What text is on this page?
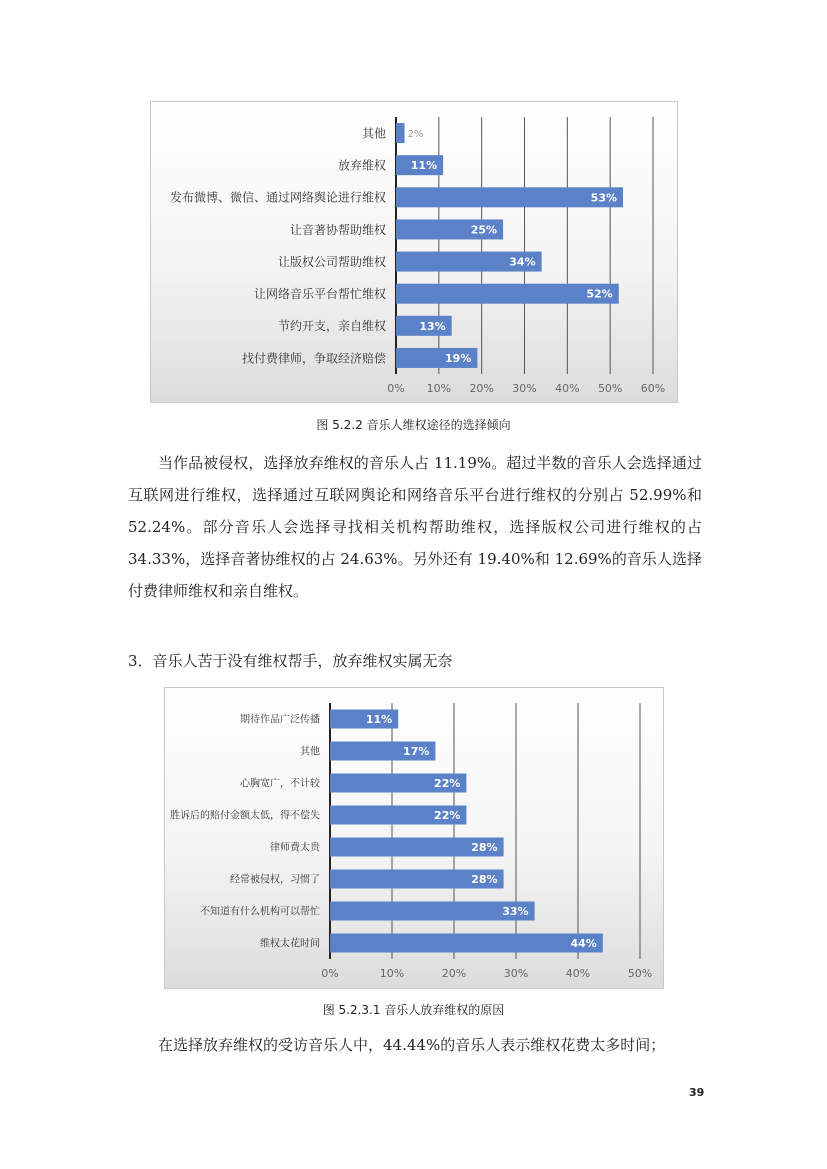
0% 10% 20% 30% 40% 50% 60%
其他 2%
放弃维权 11%
发布微博、微信、通过网络舆论进行维权	53%
让音著协帮助维权	25%
让版权公司帮助维权	34%
让网络音乐平台帮忙维权	52%
节约开支，亲自维权	13%
找付费律师，争取经济赔偿	19%
图 5.2.2 音乐人维权途径的选择倾向
当作品被侵权，选择放弃维权的音乐人占 11.19%。超过半数的音乐人会选择通过互联网进行维权，选择通过互联网舆论和网络音乐平台进行维权的分别占 52.99%和 52.24%。部分音乐人会选择寻找相关机构帮助维权，选择版权公司进行维权的占 34.33%，选择音著协维权的占 24.63%。另外还有 19.40%和 12.69%的音乐人选择付费律师维权和亲自维权。
3．音乐人苦于没有维权帮手，放弃维权实属无奈
0%	10%	20%	30%	40%	50%
期待作品广泛传播	11%
其他	17%
心胸宽广，不计较	22%
胜诉后的赔付金额太低，得不偿失	22%
律师费太贵	28%
经常被侵权，习惯了	28%
不知道有什么机构可以帮忙	33%
维权太花时间	44%
图 5.2.3.1 音乐人放弃维权的原因
在选择放弃维权的受访音乐人中，44.44%的音乐人表示维权花费太多时间；
39
